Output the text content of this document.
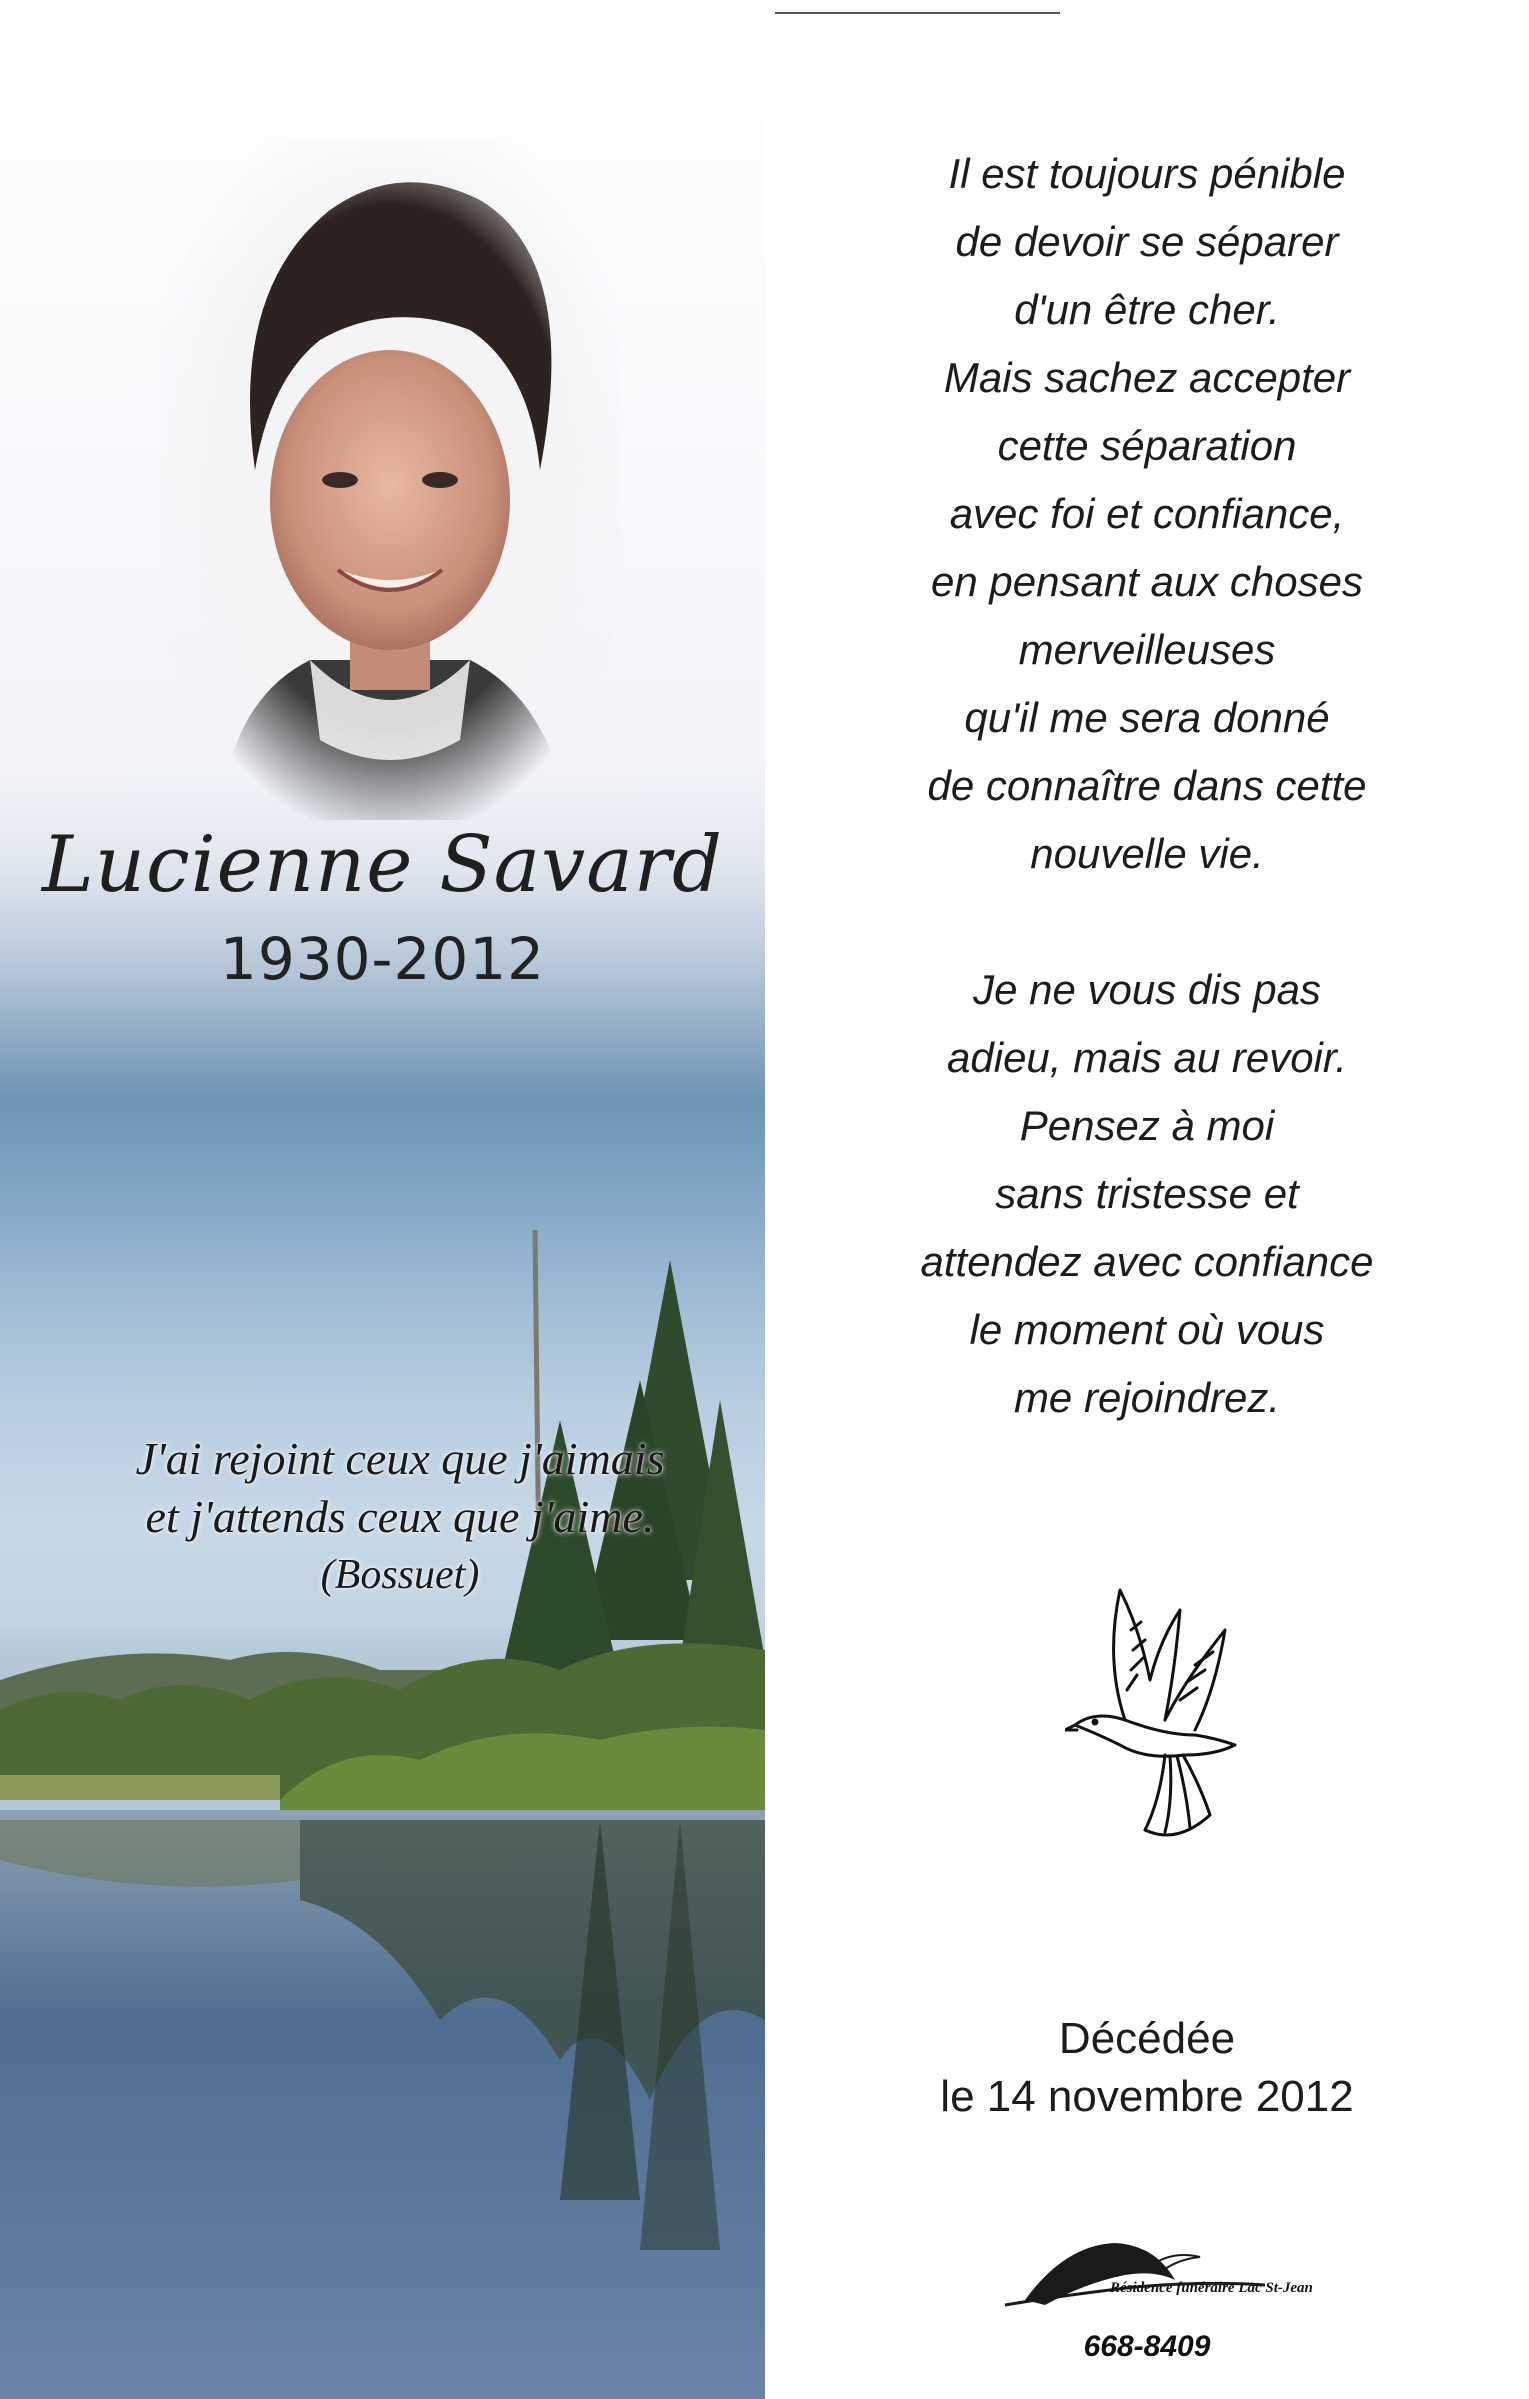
Lucienne Savard
1930-2012
J'ai rejoint ceux que j'aimais
et j'attends ceux que j'aime.
(Bossuet)
Il est toujours pénible
de devoir se séparer
d'un être cher.
Mais sachez accepter
cette séparation
avec foi et confiance,
en pensant aux choses
merveilleuses
qu'il me sera donné
de connaître dans cette
nouvelle vie.
Je ne vous dis pas
adieu, mais au revoir.
Pensez à moi
sans tristesse et
attendez avec confiance
le moment où vous
me rejoindrez.
Décédée
le 14 novembre 2012
Résidence funéraire Lac St-Jean
668-8409
